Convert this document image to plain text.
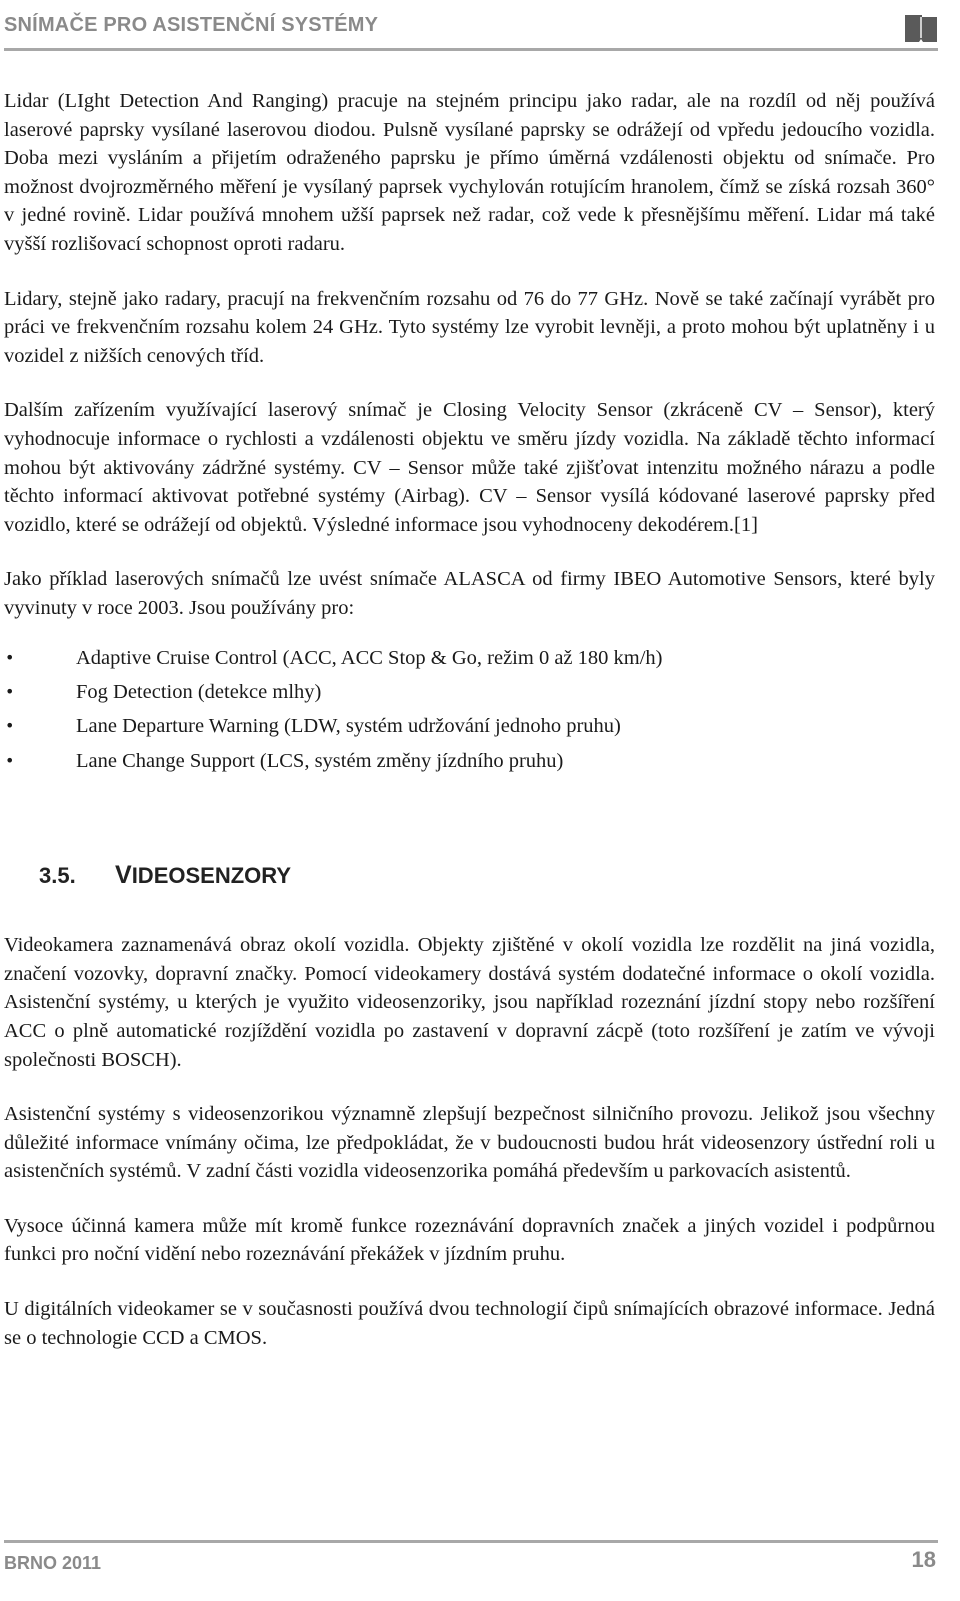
SNÍMAČE PRO ASISTENČNÍ SYSTÉMY

Lidar (LIght Detection And Ranging) pracuje na stejném principu jako radar, ale na rozdíl od něj používá laserové paprsky vysílané laserovou diodou. Pulsně vysílané paprsky se odrážejí od vpředu jedoucího vozidla. Doba mezi vysláním a přijetím odraženého paprsku je přímo úměrná vzdálenosti objektu od snímače. Pro možnost dvojrozměrného měření je vysílaný paprsek vychylován rotujícím hranolem, čímž se získá rozsah 360° v jedné rovině. Lidar používá mnohem užší paprsek než radar, což vede k přesnějšímu měření. Lidar má také vyšší rozlišovací schopnost oproti radaru.

Lidary, stejně jako radary, pracují na frekvenčním rozsahu od 76 do 77 GHz. Nově se také začínají vyrábět pro práci ve frekvenčním rozsahu kolem 24 GHz. Tyto systémy lze vyrobit levněji, a proto mohou být uplatněny i u vozidel z nižších cenových tříd.

Dalším zařízením využívající laserový snímač je Closing Velocity Sensor (zkráceně CV – Sensor), který vyhodnocuje informace o rychlosti a vzdálenosti objektu ve směru jízdy vozidla. Na základě těchto informací mohou být aktivovány zádržné systémy. CV – Sensor může také zjišťovat intenzitu možného nárazu a podle těchto informací aktivovat potřebné systémy (Airbag). CV – Sensor vysílá kódované laserové paprsky před vozidlo, které se odrážejí od objektů. Výsledné informace jsou vyhodnoceny dekodérem.[1]

Jako příklad laserových snímačů lze uvést snímače ALASCA od firmy IBEO Automotive Sensors, které byly vyvinuty v roce 2003. Jsou používány pro:

•	Adaptive Cruise Control (ACC, ACC Stop & Go, režim 0 až 180 km/h)
•	Fog Detection (detekce mlhy)
•	Lane Departure Warning (LDW, systém udržování jednoho pruhu)
•	Lane Change Support (LCS, systém změny jízdního pruhu)
3.5. VIDEOSENZORY

Videokamera zaznamenává obraz okolí vozidla. Objekty zjištěné v okolí vozidla lze rozdělit na jiná vozidla, značení vozovky, dopravní značky. Pomocí videokamery dostává systém dodatečné informace o okolí vozidla. Asistenční systémy, u kterých je využito videosenzoriky, jsou například rozeznání jízdní stopy nebo rozšíření ACC o plně automatické rozjíždění vozidla po zastavení v dopravní zácpě (toto rozšíření je zatím ve vývoji společnosti BOSCH).

Asistenční systémy s videosenzorikou významně zlepšují bezpečnost silničního provozu. Jelikož jsou všechny důležité informace vnímány očima, lze předpokládat, že v budoucnosti budou hrát videosenzory ústřední roli u asistenčních systémů. V zadní části vozidla videosenzorika pomáhá především u parkovacích asistentů.

Vysoce účinná kamera může mít kromě funkce rozeznávání dopravních značek a jiných vozidel i podpůrnou funkci pro noční vidění nebo rozeznávání překážek v jízdním pruhu.

U digitálních videokamer se v současnosti používá dvou technologií čipů snímajících obrazové informace. Jedná se o technologie CCD a CMOS.

BRNO 2011	18
